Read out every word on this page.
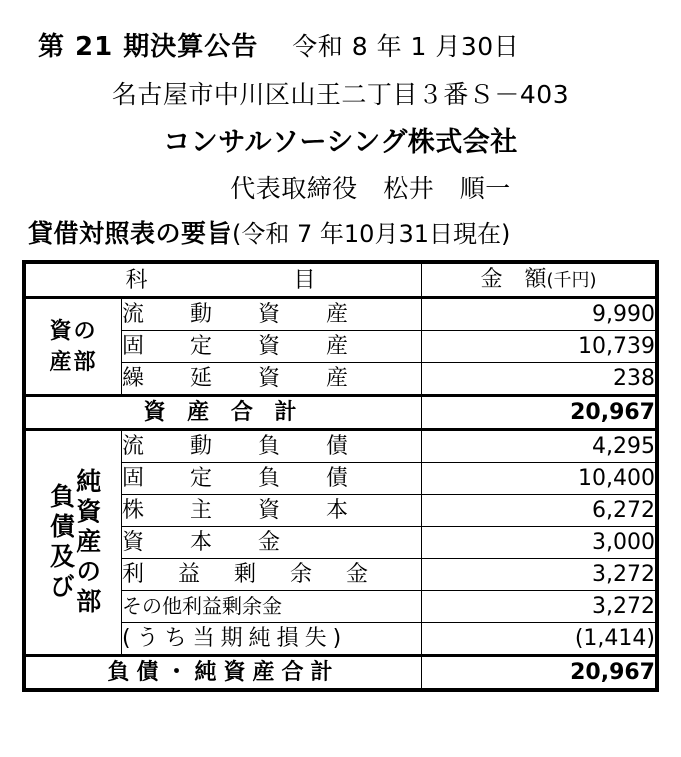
第 21 期決算公告 令和 8 年 1 月30日
名古屋市中川区山王二丁目３番Ｓ－403
コンサルソーシング株式会社
代表取締役　松井　順一
貸借対照表の要旨 (令和 7 年10月31日現在)
科　　　　　目		金　額(千円)

資の
産部	流　動　資　産	9,990
	固　定　資　産	10,739
	繰　延　資　産	238
資 産 合 計		20,967

負債及び
純資産の部	流　動　負　債	4,295
	固　定　負　債	10,400
	株　主　資　本	6,272
	資　本　金	3,000
	利　益　剰　余　金	3,272
	その他利益剰余金	3,272
	(うち当期純損失)	(1,414)
負債・純資産合計		20,967
